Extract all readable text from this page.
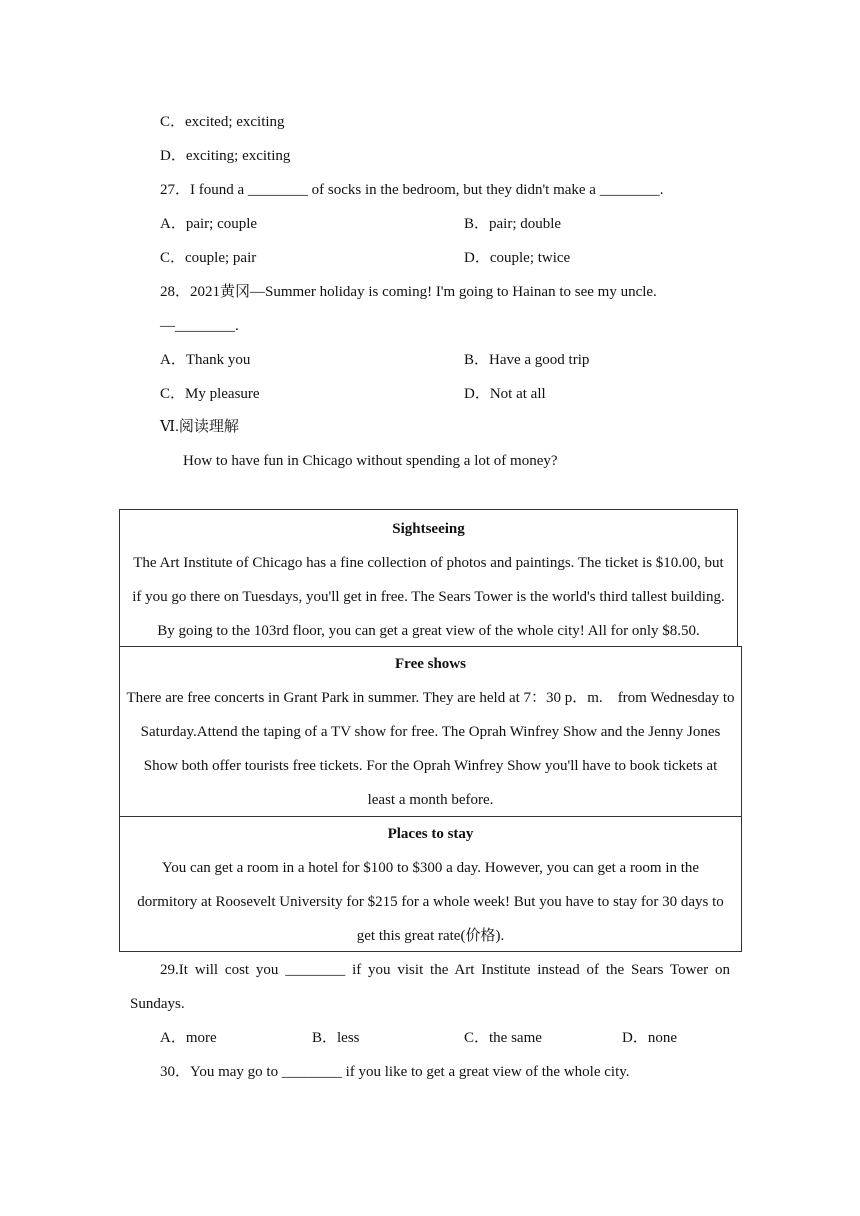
C．excited; exciting
D．exciting; exciting
27．I found a ________ of socks in the bedroom, but they didn't make a ________.
A．pair; couple	B．pair; double
C．couple; pair	D．couple; twice
28．2021黄冈—Summer holiday is coming! I'm going to Hainan to see my uncle.
—________.
A．Thank you	B．Have a good trip
C．My pleasure	D．Not at all
Ⅵ.阅读理解
How to have fun in Chicago without spending a lot of money?

Sightseeing

The Art Institute of Chicago has a fine collection of photos and paintings. The ticket is $10.00, but

if you go there on Tuesdays, you'll get in free. The Sears Tower is the world's third tallest building.

By going to the 103rd floor, you can get a great view of the whole city! All for only $8.50.

Free shows

There are free concerts in Grant Park in summer. They are held at 7：30 p．m.　from Wednesday to

Saturday.Attend the taping of a TV show for free. The Oprah Winfrey Show and the Jenny Jones

Show both offer tourists free tickets. For the Oprah Winfrey Show you'll have to book tickets at

least a month before.

Places to stay

You can get a room in a hotel for $100 to $300 a day. However, you can get a room in the

dormitory at Roosevelt University for $215 for a whole week! But you have to stay for 30 days to

get this great rate(价格).

29.It will cost you ________ if you visit the Art Institute instead of the Sears Tower on
Sundays.
A．more	B．less	C．the same	D．none
30．You may go to ________ if you like to get a great view of the whole city.
